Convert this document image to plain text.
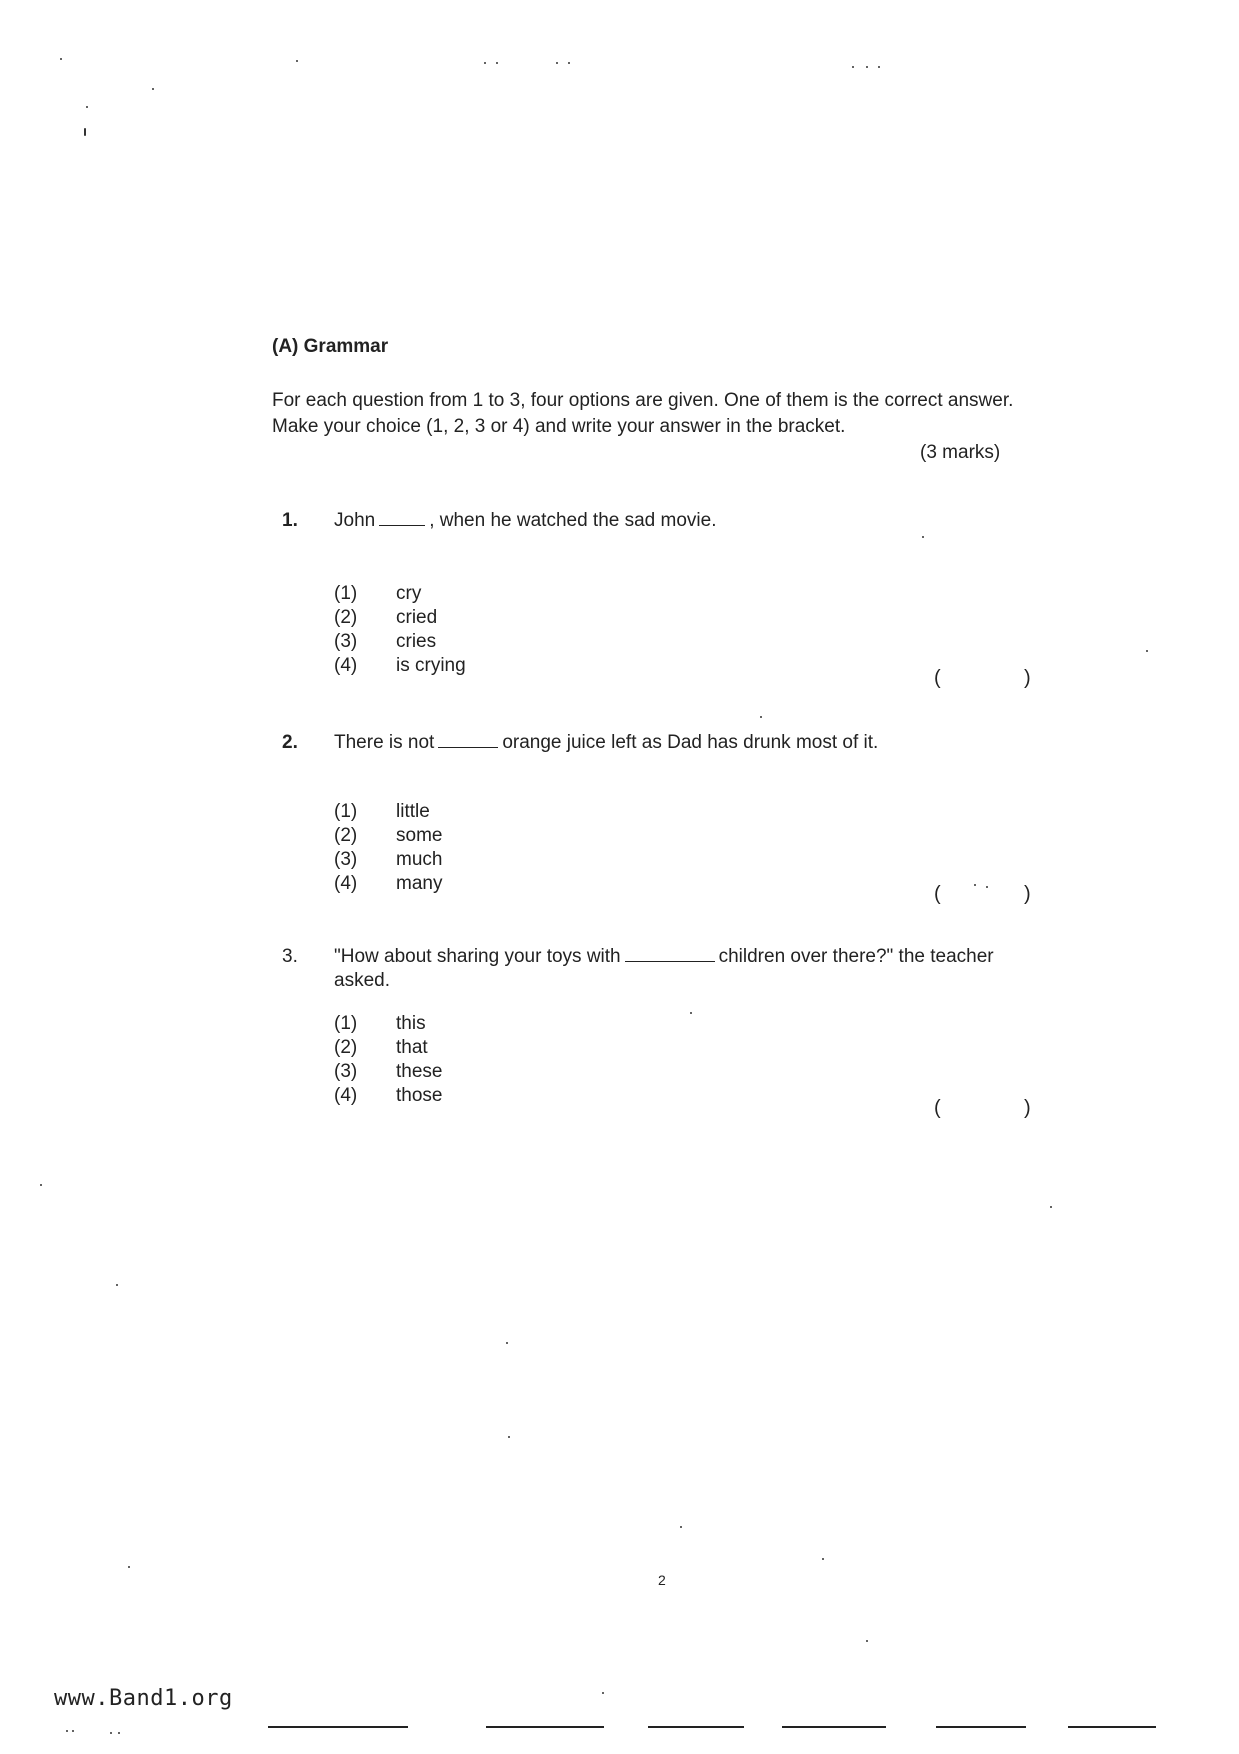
(A) Grammar
For each question from 1 to 3, four options are given. One of them is the correct answer. Make your choice (1, 2, 3 or 4) and write your answer in the bracket.
(3 marks)
1. John	, when he watched the sad movie.
(1)	cry
(2)	cried
(3)	cries
(4)	is crying
(	)
2. There is not	orange juice left as Dad has drunk most of it.
(1)	little
(2)	some
(3)	much
(4)	many	(	)
3. "How about sharing your toys with	children over there?" the teacher asked.
(1)	this
(2)	that
(3)	these
(4)	those
(	)
2
www.Band1.org
